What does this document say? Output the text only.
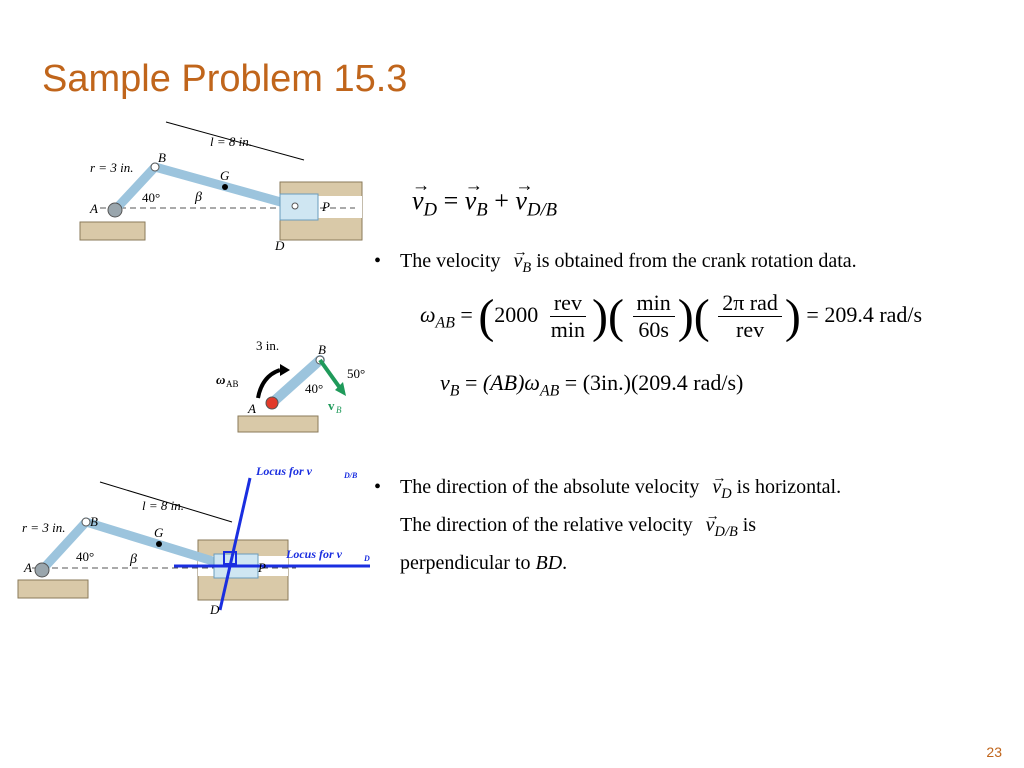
Sample Problem 15.3
→ $v_D$ = → $v_B$ + → $v_{D/B}$
• The velocity → $v_B$ is obtained from the crank rotation data.
$\omega_{AB} = (2000 \frac{\text{rev}}{\min}$ )( $\frac{\min}{60s}$ )( $\frac{\text{2π rad}}{\text{rev}}$ ) = 209.4 rad/s
$v_B = (AB)\omega_{AB} = (3in.)(209.4$ rad/s)
• The direction of the absolute velocity → $v_D$ is horizontal.
The direction of the relative velocity → $v_{D/B}$ is
perpendicular to BD.
l = 8 in.
r = 3 in.
A
B
G
D
P
40° β
3 in.	B
A
50°
40°
ω AB
v B
Locus for v	D/B
Locus for v	D
l = 8 in.
r = 3 in.
A
B
G
D
P
40°	β
23
